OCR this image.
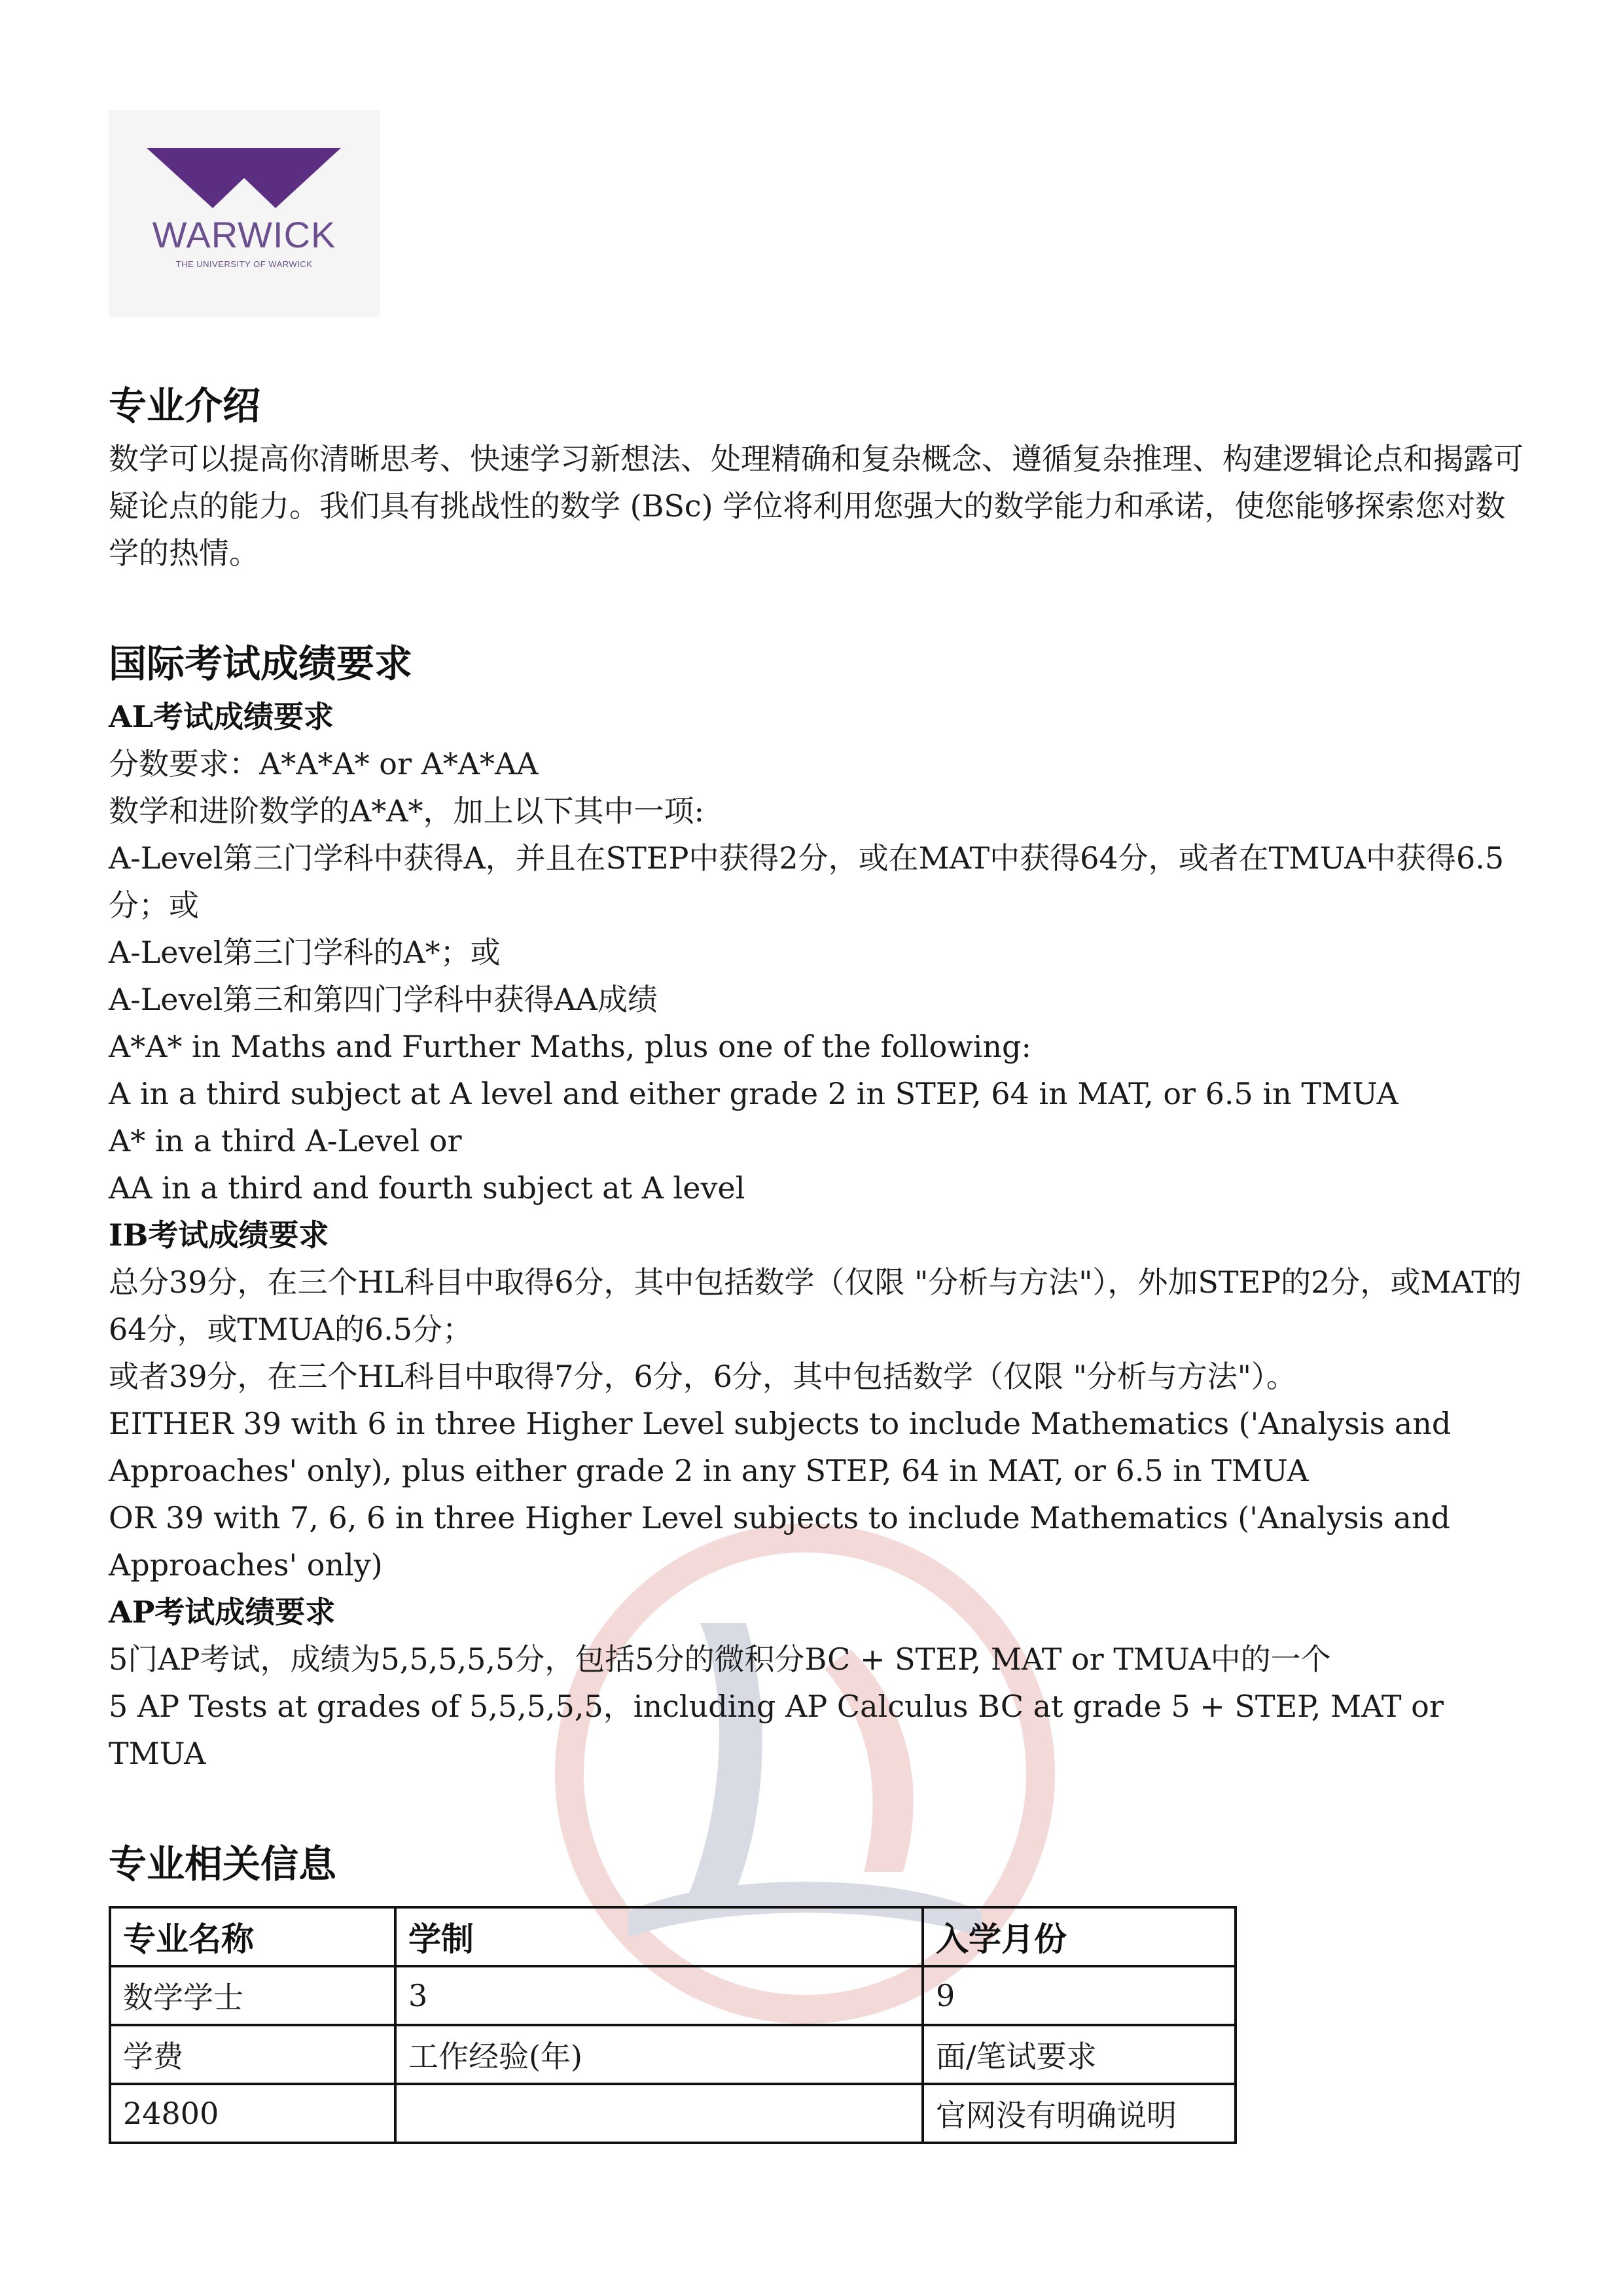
WARWICK
THE UNIVERSITY OF WARWICK
专业介绍

数学可以提高你清晰思考、快速学习新想法、处理精确和复杂概念、遵循复杂推理、构建逻辑论点和揭露可疑论点的能力。我们具有挑战性的数学 (BSc) 学位将利用您强大的数学能力和承诺，使您能够探索您对数学的热情。

国际考试成绩要求
AL考试成绩要求

分数要求：A*A*A* or A*A*AA

数学和进阶数学的A*A*，加上以下其中一项:

A-Level第三门学科中获得A，并且在STEP中获得2分，或在MAT中获得64分，或者在TMUA中获得6.5分；或

A-Level第三门学科的A*；或

A-Level第三和第四门学科中获得AA成绩

A*A* in Maths and Further Maths, plus one of the following:

A in a third subject at A level and either grade 2 in STEP, 64 in MAT, or 6.5 in TMUA

A* in a third A-Level or

AA in a third and fourth subject at A level

IB考试成绩要求

总分39分，在三个HL科目中取得6分，其中包括数学（仅限 "分析与方法"），外加STEP的2分，或MAT的64分，或TMUA的6.5分；

或者39分，在三个HL科目中取得7分，6分，6分，其中包括数学（仅限 "分析与方法"）。

EITHER 39 with 6 in three Higher Level subjects to include Mathematics ('Analysis and Approaches' only), plus either grade 2 in any STEP, 64 in MAT, or 6.5 in TMUA

OR 39 with 7, 6, 6 in three Higher Level subjects to include Mathematics ('Analysis and Approaches' only)

AP考试成绩要求

5门AP考试，成绩为5,5,5,5,5分，包括5分的微积分BC + STEP, MAT or TMUA中的一个

5 AP Tests at grades of 5,5,5,5,5，including AP Calculus BC at grade 5 + STEP, MAT or TMUA

专业相关信息
专业名称	学制	入学月份
数学学士	3	9
学费	工作经验(年)	面/笔试要求
24800		官网没有明确说明
